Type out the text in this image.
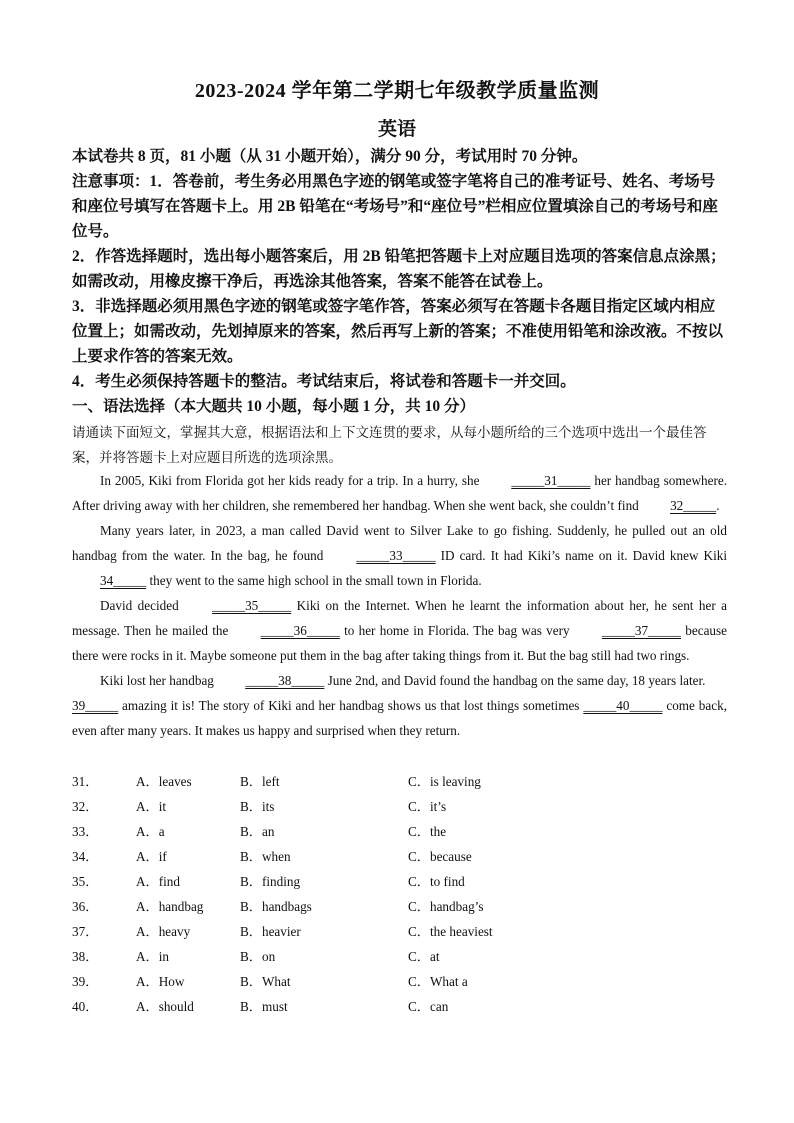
2023-2024 学年第二学期七年级教学质量监测
英语

本试卷共 8 页，81 小题（从 31 小题开始），满分 90 分，考试用时 70 分钟。

注意事项：1．答卷前，考生务必用黑色字迹的钢笔或签字笔将自己的准考证号、姓名、考场号和座位号填写在答题卡上。用 2B 铅笔在“考场号”和“座位号”栏相应位置填涂自己的考场号和座位号。

2．作答选择题时，选出每小题答案后，用 2B 铅笔把答题卡上对应题目选项的答案信息点涂黑；如需改动，用橡皮擦干净后，再选涂其他答案，答案不能答在试卷上。

3．非选择题必须用黑色字迹的钢笔或签字笔作答，答案必须写在答题卡各题目指定区域内相应位置上；如需改动，先划掉原来的答案，然后再写上新的答案；不准使用铅笔和涂改液。不按以上要求作答的答案无效。

4．考生必须保持答题卡的整洁。考试结束后，将试卷和答题卡一并交回。

一、语法选择（本大题共 10 小题，每小题 1 分，共 10 分）

请通读下面短文，掌握其大意，根据语法和上下文连贯的要求，从每小题所给的三个选项中选出一个最佳答案，并将答题卡上对应题目所选的选项涂黑。

In 2005, Kiki from Florida got her kids ready for a trip. In a hurry, she _____31_____ her handbag somewhere. After driving away with her children, she remembered her handbag. When she went back, she couldn’t find 32_____.

Many years later, in 2023, a man called David went to Silver Lake to go fishing. Suddenly, he pulled out an old handbag from the water. In the bag, he found _____33_____ ID card. It had Kiki’s name on it. David knew Kiki 34_____ they went to the same high school in the small town in Florida.

David decided _____35_____ Kiki on the Internet. When he learnt the information about her, he sent her a message. Then he mailed the _____36_____ to her home in Florida. The bag was very _____37_____ because there were rocks in it. Maybe someone put them in the bag after taking things from it. But the bag still had two rings.

Kiki lost her handbag _____38_____ June 2nd, and David found the handbag on the same day, 18 years later.

39_____ amazing it is! The story of Kiki and her handbag shows us that lost things sometimes _____40_____ come back, even after many years. It makes us happy and surprised when they return.

31．	A．leaves	B．left	C．is leaving
32．	A．it	B．its	C．it’s
33．	A．a	B．an	C．the
34．	A．if	B．when	C．because
35．	A．find	B．finding	C．to find
36．	A．handbag	B．handbags	C．handbag’s
37．	A．heavy	B．heavier	C．the heaviest
38．	A．in	B．on	C．at
39．	A．How	B．What	C．What a
40．	A．should	B．must	C．can
